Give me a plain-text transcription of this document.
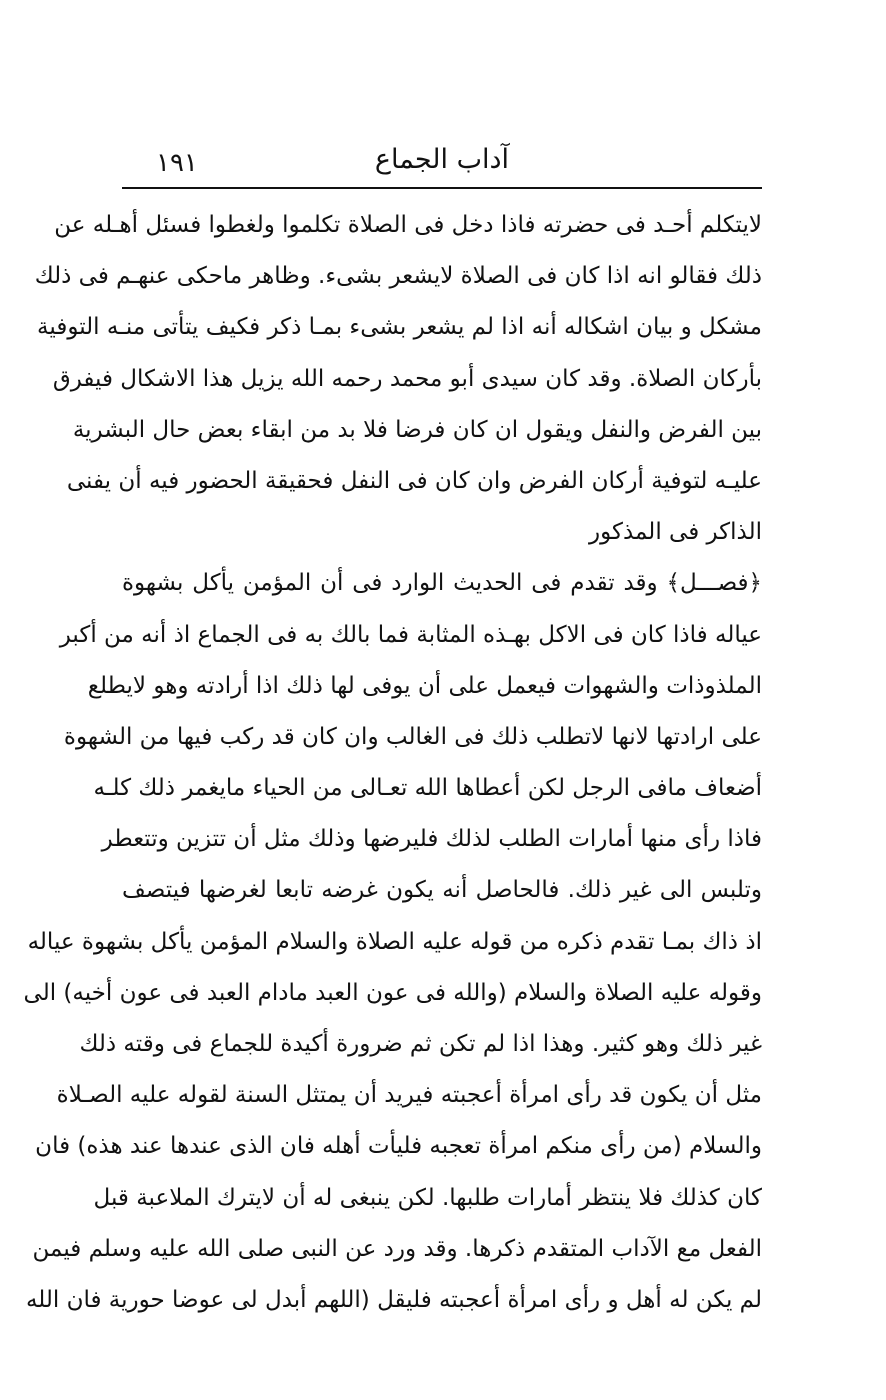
١٩١	آداب الجماع
لايتكلم أحـد فى حضرته فاذا دخل فى الصلاة تكلموا ولغطوا فسئل أهـله عن
ذلك فقالو انه اذا كان فى الصلاة لايشعر بشىء. وظاهر ماحكى عنهـم فى ذلك
مشكل و بيان اشكاله أنه اذا لم يشعر بشىء بمـا ذكر فكيف يتأتى منـه التوفية
بأركان الصلاة. وقد كان سيدى أبو محمد رحمه الله يزيل هذا الاشكال فيفرق
بين الفرض والنفل ويقول ان كان فرضا فلا بد من ابقاء بعض حال البشرية
عليـه لتوفية أركان الفرض وان كان فى النفل فحقيقة الحضور فيه أن يفنى
الذاكر فى المذكور
﴿فصـــل﴾ وقد تقدم فى الحديث الوارد فى أن المؤمن يأكل بشهوة
عياله فاذا كان فى الاكل بهـذه المثابة فما بالك به فى الجماع اذ أنه من أكبر
الملذوذات والشهوات فيعمل على أن يوفى لها ذلك اذا أرادته وهو لايطلع
على ارادتها لانها لاتطلب ذلك فى الغالب وان كان قد ركب فيها من الشهوة
أضعاف مافى الرجل لكن أعطاها الله تعـالى من الحياء مايغمر ذلك كلـه
فاذا رأى منها أمارات الطلب لذلك فليرضها وذلك مثل أن تتزين وتتعطر
وتلبس الى غير ذلك. فالحاصل أنه يكون غرضه تابعا لغرضها فيتصف
اذ ذاك بمـا تقدم ذكره من قوله عليه الصلاة والسلام المؤمن يأكل بشهوة عياله
وقوله عليه الصلاة والسلام (والله فى عون العبد مادام العبد فى عون أخيه) الى
غير ذلك وهو كثير. وهذا اذا لم تكن ثم ضرورة أكيدة للجماع فى وقته ذلك
مثل أن يكون قد رأى امرأة أعجبته فيريد أن يمتثل السنة لقوله عليه الصـلاة
والسلام (من رأى منكم امرأة تعجبه فليأت أهله فان الذى عندها عند هذه) فان
كان كذلك فلا ينتظر أمارات طلبها. لكن ينبغى له أن لايترك الملاعبة قبل
الفعل مع الآداب المتقدم ذكرها. وقد ورد عن النبى صلى الله عليه وسلم فيمن
لم يكن له أهل و رأى امرأة أعجبته فليقل (اللهم أبدل لى عوضا حورية فان الله
